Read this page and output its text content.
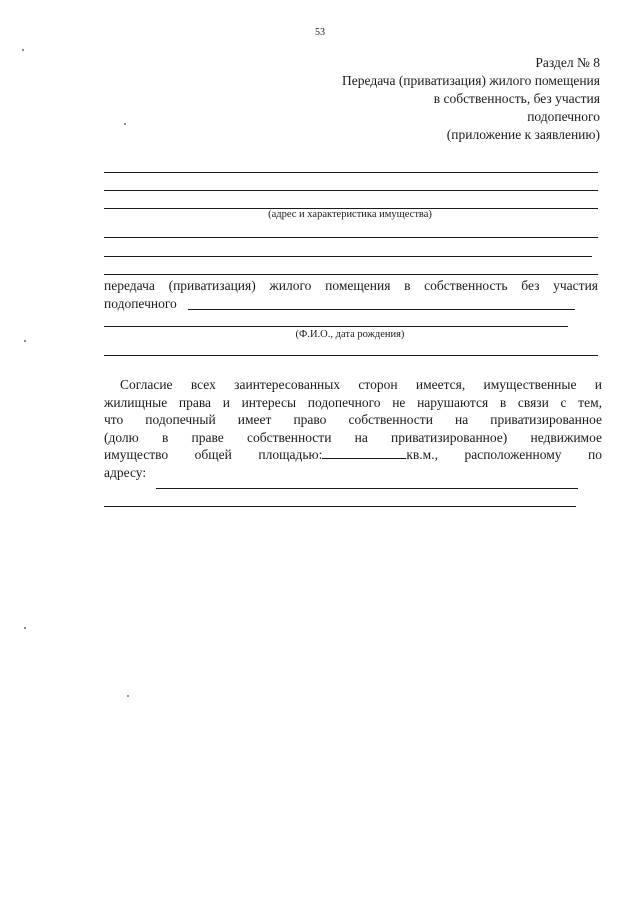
53
Раздел № 8
Передача (приватизация) жилого помещения
в собственность, без участия
подопечного
(приложение к заявлению)
(адрес и характеристика имущества)
передача (приватизация) жилого помещения в собственность без участия
подопечного
(Ф.И.О., дата рождения)
Согласие всех заинтересованных сторон имеется, имущественные и
жилищные права и интересы подопечного не нарушаются в связи с тем,
что подопечный имеет право собственности на приватизированное
(долю в праве собственности на приватизированное) недвижимое
имущество общей площадью:	кв.м., расположенному по
адресу:
